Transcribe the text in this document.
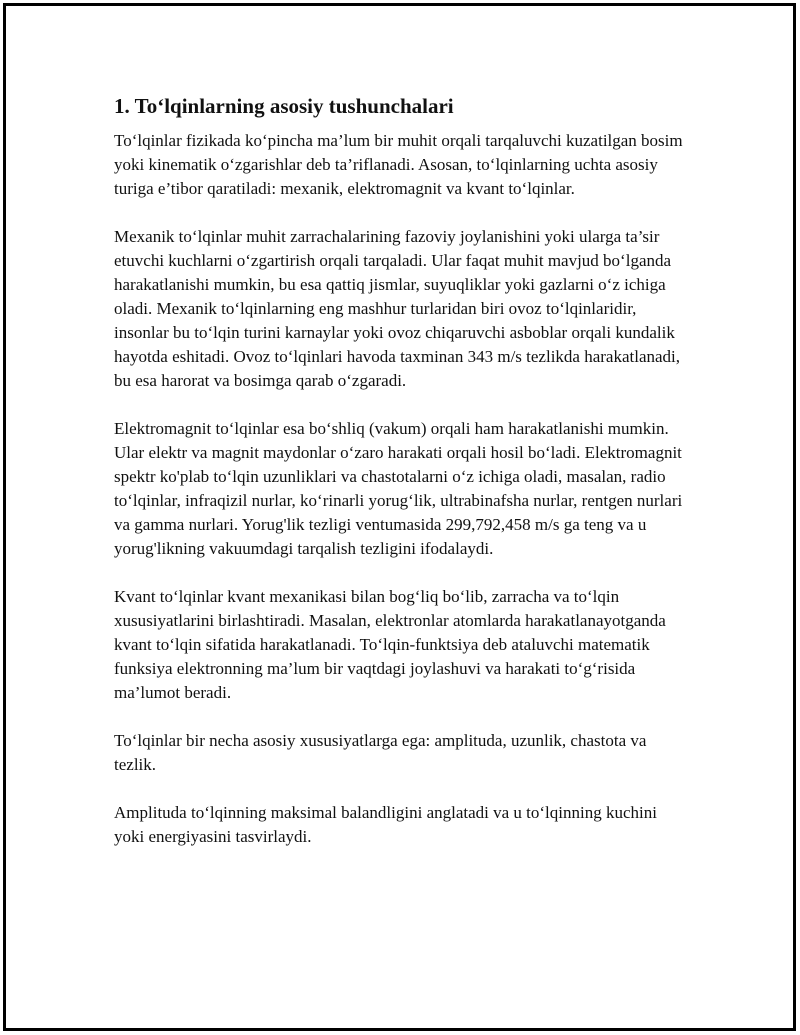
1. To‘lqinlarning asosiy tushunchalari

To‘lqinlar fizikada ko‘pincha ma’lum bir muhit orqali tarqaluvchi kuzatilgan bosim yoki kinematik o‘zgarishlar deb ta’riflanadi. Asosan, to‘lqinlarning uchta asosiy turiga e’tibor qaratiladi: mexanik, elektromagnit va kvant to‘lqinlar.

Mexanik to‘lqinlar muhit zarrachalarining fazoviy joylanishini yoki ularga ta’sir etuvchi kuchlarni o‘zgartirish orqali tarqaladi. Ular faqat muhit mavjud bo‘lganda harakatlanishi mumkin, bu esa qattiq jismlar, suyuqliklar yoki gazlarni o‘z ichiga oladi. Mexanik to‘lqinlarning eng mashhur turlaridan biri ovoz to‘lqinlaridir, insonlar bu to‘lqin turini karnaylar yoki ovoz chiqaruvchi asboblar orqali kundalik hayotda eshitadi. Ovoz to‘lqinlari havoda taxminan 343 m/s tezlikda harakatlanadi, bu esa harorat va bosimga qarab o‘zgaradi.

Elektromagnit to‘lqinlar esa bo‘shliq (vakum) orqali ham harakatlanishi mumkin. Ular elektr va magnit maydonlar o‘zaro harakati orqali hosil bo‘ladi. Elektromagnit spektr ko'plab to‘lqin uzunliklari va chastotalarni o‘z ichiga oladi, masalan, radio to‘lqinlar, infraqizil nurlar, ko‘rinarli yorug‘lik, ultrabinafsha nurlar, rentgen nurlari va gamma nurlari. Yorug'lik tezligi ventumasida 299,792,458 m/s ga teng va u yorug'likning vakuumdagi tarqalish tezligini ifodalaydi.

Kvant to‘lqinlar kvant mexanikasi bilan bog‘liq bo‘lib, zarracha va to‘lqin xususiyatlarini birlashtiradi. Masalan, elektronlar atomlarda harakatlanayotganda kvant to‘lqin sifatida harakatlanadi. To‘lqin-funktsiya deb ataluvchi matematik funksiya elektronning ma’lum bir vaqtdagi joylashuvi va harakati to‘g‘risida ma’lumot beradi.

To‘lqinlar bir necha asosiy xususiyatlarga ega: amplituda, uzunlik, chastota va tezlik.

Amplituda to‘lqinning maksimal balandligini anglatadi va u to‘lqinning kuchini yoki energiyasini tasvirlaydi.
